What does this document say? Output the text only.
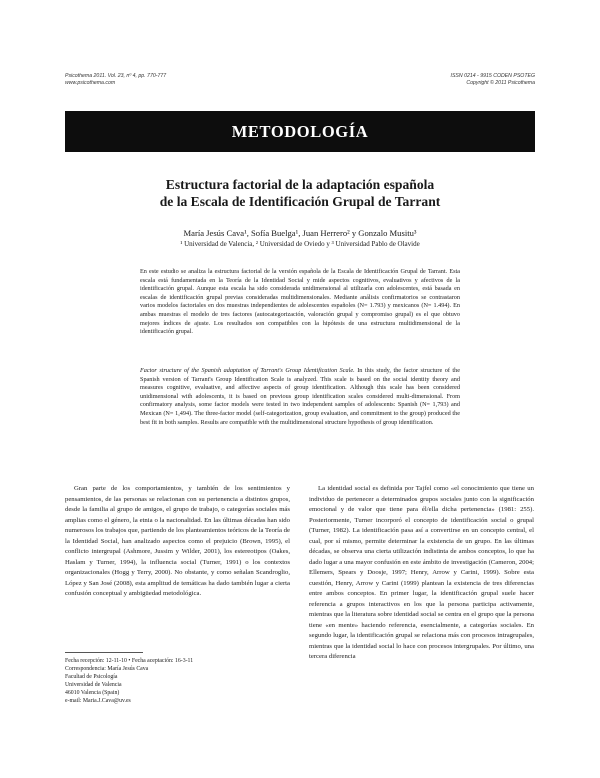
Psicothema 2011. Vol. 23, nº 4, pp. 770-777
www.psicothema.com
ISSN 0214 - 9915 CODEN PSOTEG
Copyright © 2011 Psicothema
METODOLOGÍA
Estructura factorial de la adaptación española
de la Escala de Identificación Grupal de Tarrant
María Jesús Cava¹, Sofía Buelga¹, Juan Herrero² y Gonzalo Musitu³
¹ Universidad de Valencia, ² Universidad de Oviedo y ³ Universidad Pablo de Olavide

En este estudio se analiza la estructura factorial de la versión española de la Escala de Identificación Grupal de Tarrant. Esta escala está fundamentada en la Teoría de la Identidad Social y mide aspectos cognitivos, evaluativos y afectivos de la identificación grupal. Aunque esta escala ha sido considerada unidimensional al utilizarla con adolescentes, está basada en escalas de identificación grupal previas consideradas multidimensionales. Mediante análisis confirmatorios se contrastaron varios modelos factoriales en dos muestras independientes de adolescentes españoles (N= 1.793) y mexicanos (N= 1.494). En ambas muestras el modelo de tres factores (autocategorización, valoración grupal y compromiso grupal) es el que obtuvo mejores índices de ajuste. Los resultados son compatibles con la hipótesis de una estructura multidimensional de la identificación grupal.

Factor structure of the Spanish adaptation of Tarrant's Group Identification Scale. In this study, the factor structure of the Spanish version of Tarrant's Group Identification Scale is analyzed. This scale is based on the social identity theory and measures cognitive, evaluative, and affective aspects of group identification. Although this scale has been considered unidimensional with adolescents, it is based on previous group identification scales considered multi-dimensional. From confirmatory analysis, some factor models were tested in two independent samples of adolescents: Spanish (N= 1,793) and Mexican (N= 1,494). The three-factor model (self-categorization, group evaluation, and commitment to the group) produced the best fit in both samples. Results are compatible with the multidimensional structure hypothesis of group identification.

Gran parte de los comportamientos, y también de los sentimientos y pensamientos, de las personas se relacionan con su pertenencia a distintos grupos, desde la familia al grupo de amigos, el grupo de trabajo, o categorías sociales más amplias como el género, la etnia o la nacionalidad. En las últimas décadas han sido numerosos los trabajos que, partiendo de los planteamientos teóricos de la Teoría de la Identidad Social, han analizado aspectos como el prejuicio (Brown, 1995), el conflicto intergrupal (Ashmore, Jussim y Wilder, 2001), los estereotipos (Oakes, Haslam y Turner, 1994), la influencia social (Turner, 1991) o los contextos organizacionales (Hogg y Terry, 2000). No obstante, y como señalan Scandroglio, López y San José (2008), esta amplitud de temáticas ha dado también lugar a cierta confusión conceptual y ambigüedad metodológica.

La identidad social es definida por Tajfel como «el conocimiento que tiene un individuo de pertenecer a determinados grupos sociales junto con la significación emocional y de valor que tiene para él/ella dicha pertenencia» (1981: 255). Posteriormente, Turner incorporó el concepto de identificación social o grupal (Turner, 1982). La identificación pasa así a convertirse en un concepto central, el cual, por sí mismo, permite determinar la existencia de un grupo. En las últimas décadas, se observa una cierta utilización indistinta de ambos conceptos, lo que ha dado lugar a una mayor confusión en este ámbito de investigación (Cameron, 2004; Ellemers, Spears y Doosje, 1997; Henry, Arrow y Carini, 1999). Sobre esta cuestión, Henry, Arrow y Carini (1999) plantean la existencia de tres diferencias entre ambos conceptos. En primer lugar, la identificación grupal suele hacer referencia a grupos interactivos en los que la persona participa activamente, mientras que la literatura sobre identidad social se centra en el grupo que la persona tiene «en mente» haciendo referencia, esencialmente, a categorías sociales. En segundo lugar, la identificación grupal se relaciona más con procesos intragrupales, mientras que la identidad social lo hace con procesos intergrupales. Por último, una tercera diferencia

Fecha recepción: 12-11-10 • Fecha aceptación: 16-3-11
Correspondencia: María Jesús Cava
Facultad de Psicología
Universidad de Valencia
46010 Valencia (Spain)
e-mail: Maria.J.Cava@uv.es
